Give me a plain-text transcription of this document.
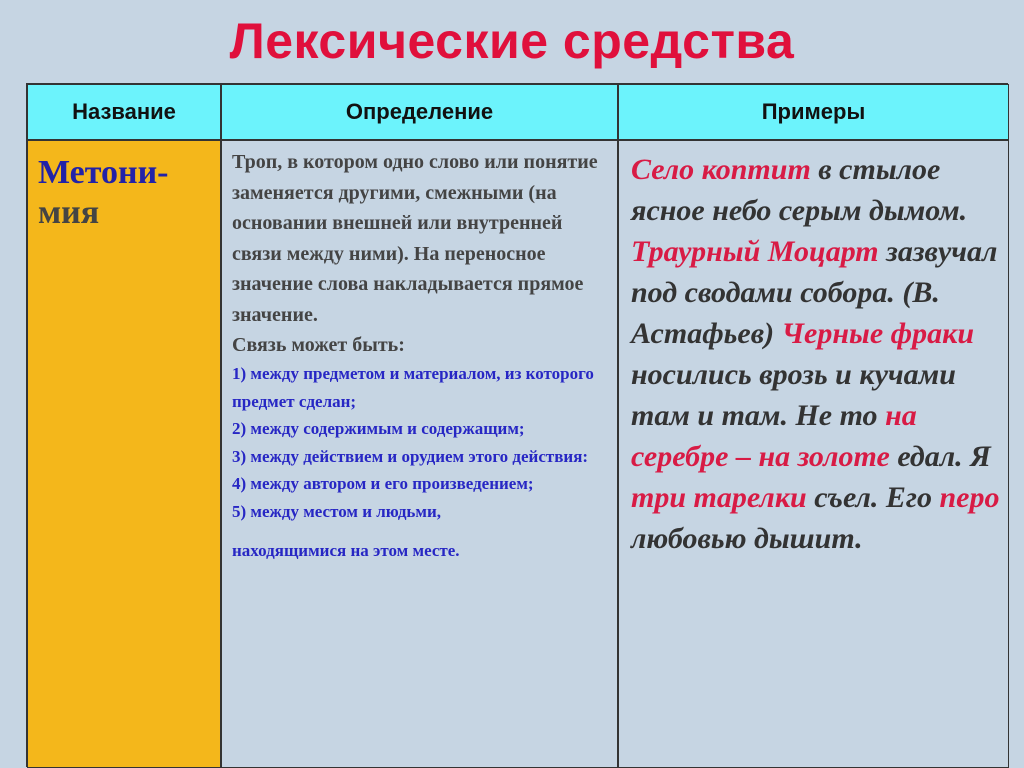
Лексические средства
Название	Определение	Примеры
Метони-
мия
Троп, в котором одно слово или понятие заменяется другими, смежными (на основании внешней или внутренней связи между ними). На переносное значение слова накладывается прямое значение.
Связь может быть:
1) между предметом и материалом, из которого предмет сделан;
2) между содержимым и содержащим;
3) между действием и орудием этого действия:
4) между автором и его произведением;
5) между местом и людьми,
находящимися на этом месте.
Село коптит в стылое ясное небо серым дымом. Траурный Моцарт зазвучал под сводами собора. (В. Астафьев) Черные фраки носились врозь и кучами там и там. Не то на серебре – на золоте едал. Я три тарелки съел. Его перо любовью дышит.
